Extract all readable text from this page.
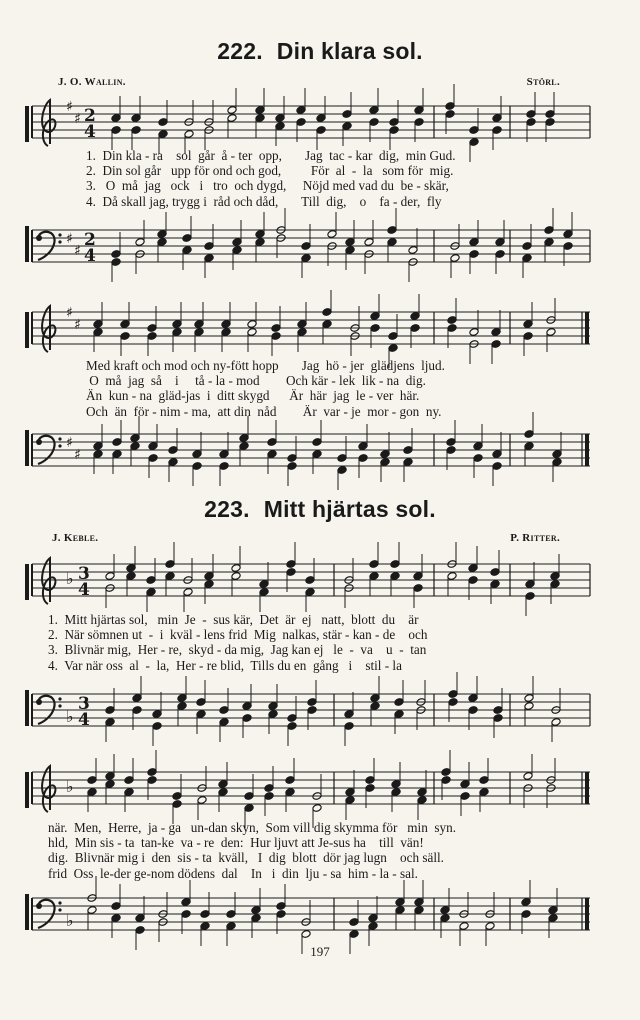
222. Din klara sol.
J. O. Wallin.	Störl.
♯
♯ 2
4
1.  Din kla - ra    sol  går  å - ter  opp,       Jag  tac - kar  dig,  min Gud.
2.  Din sol går   upp för ond och god,         För  al  -  la   som för  mig.
3.   O  må  jag   ock   i   tro  och dygd,     Nöjd med vad du  be - skär,
4.  Då skall jag, trygg i  råd och dåd,       Till  dig,    o    fa - der,  fly
♯
♯
2
4
♯
♯
Med kraft och mod och ny-fött hopp       Jag  hö - jer  glädjens  ljud.
O  må  jag  så    i     tå - la - mod        Och kär - lek  lik - na  dig.
Än  kun - na  gläd-jas  i  ditt skygd      Är  här  jag  le - ver  här.
Och  än  för - nim - ma,  att din  nåd        Är  var - je  mor - gon  ny.
♯
♯
223. Mitt hjärtas sol.
J. Keble.	P. Ritter.
♭ 3
4
1.  Mitt hjärtas sol,   min  Je  -  sus kär,  Det  är  ej   natt,  blott  du    är
2.  När sömnen ut  -  i  kväl - lens frid  Mig  nalkas, stär - kan - de    och
3.  Blivnär mig,  Her - re,  skyd - da mig,  Jag kan ej   le  -  va    u  -  tan
4.  Var när oss  al  -  la,  Her - re blid,  Tills du en  gång   i    stil - la
♭
3
4
♭
när.  Men,  Herre,  ja - ga   un-dan skyn,  Som vill dig skymma för   min  syn.
hld,  Min sis - ta  tan-ke  va - re  den:  Hur ljuvt att Je-sus ha    till  vän!
dig.  Blivnär mig i  den  sis - ta  kväll,   I  dig  blott  dör jag lugn    och säll.
frid  Oss  le-der ge-nom dödens  dal    In   i  din  lju - sa  him - la - sal.
♭
197
